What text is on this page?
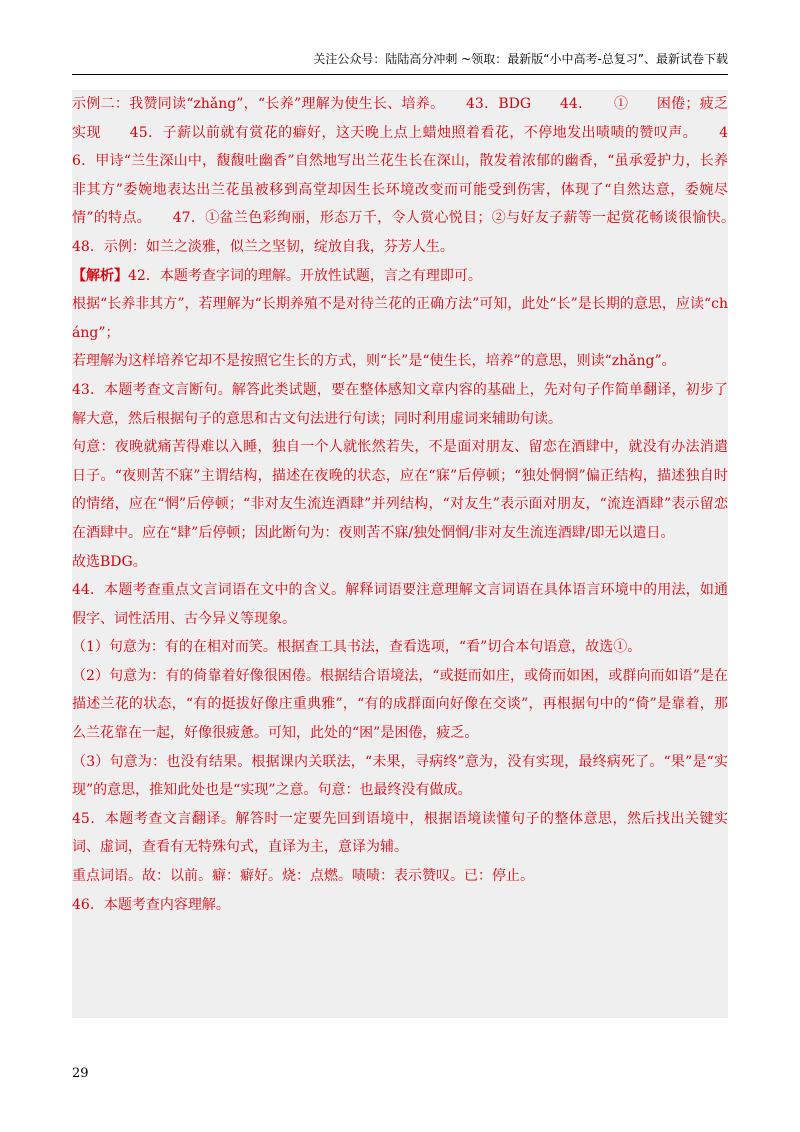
关注公众号：陆陆高分冲刺 ~领取：最新版“小中高考-总复习”、最新试卷下载

示例二：我赞同读“zhǎng”，“长养”理解为使生长、培养。　　43．BDG　　44．　　①　　困倦；疲乏　　实现　　45．子薪以前就有赏花的癖好，这天晚上点上蜡烛照着看花，不停地发出啧啧的赞叹声。　　46．甲诗“兰生深山中，馥馥吐幽香”自然地写出兰花生长在深山，散发着浓郁的幽香，“虽承爱护力，长养非其方”委婉地表达出兰花虽被移到高堂却因生长环境改变而可能受到伤害，体现了“自然达意，委婉尽情”的特点。　　47．①盆兰色彩绚丽，形态万千，令人赏心悦目；②与好友子薪等一起赏花畅谈很愉快。　　48．示例：如兰之淡雅，似兰之坚韧，绽放自我，芬芳人生。

【解析】42．本题考查字词的理解。开放性试题，言之有理即可。

根据“长养非其方”，若理解为“长期养殖不是对待兰花的正确方法”可知，此处“长”是长期的意思，应读“cháng”；

若理解为这样培养它却不是按照它生长的方式，则“长”是“使生长，培养”的意思，则读“zhǎng”。

43．本题考查文言断句。解答此类试题，要在整体感知文章内容的基础上，先对句子作简单翻译，初步了解大意，然后根据句子的意思和古文句法进行句读；同时利用虚词来辅助句读。

句意：夜晚就痛苦得难以入睡，独自一个人就怅然若失，不是面对朋友、留恋在酒肆中，就没有办法消遣日子。“夜则苦不寐”主谓结构，描述在夜晚的状态，应在“寐”后停顿；“独处惘惘”偏正结构，描述独自时的情绪，应在“惘”后停顿；“非对友生流连酒肆”并列结构，“对友生”表示面对朋友，“流连酒肆”表示留恋在酒肆中。应在“肆”后停顿；因此断句为：夜则苦不寐/独处惘惘/非对友生流连酒肆/即无以遣日。

故选BDG。

44．本题考查重点文言词语在文中的含义。解释词语要注意理解文言词语在具体语言环境中的用法，如通假字、词性活用、古今异义等现象。

（1）句意为：有的在相对而笑。根据查工具书法，查看选项，“看”切合本句语意，故选①。

（2）句意为：有的倚靠着好像很困倦。根据结合语境法，“或挺而如庄，或倚而如困，或群向而如语”是在描述兰花的状态，“有的挺拔好像庄重典雅”，“有的成群面向好像在交谈”，再根据句中的“倚”是靠着，那么兰花靠在一起，好像很疲惫。可知，此处的“困”是困倦，疲乏。

（3）句意为：也没有结果。根据课内关联法，“未果，寻病终”意为，没有实现，最终病死了。“果”是“实现”的意思，推知此处也是“实现”之意。句意：也最终没有做成。

45．本题考查文言翻译。解答时一定要先回到语境中，根据语境读懂句子的整体意思，然后找出关键实词、虚词，查看有无特殊句式，直译为主，意译为辅。

重点词语。故：以前。癖：癖好。烧：点燃。啧啧：表示赞叹。已：停止。

46．本题考查内容理解。

29
